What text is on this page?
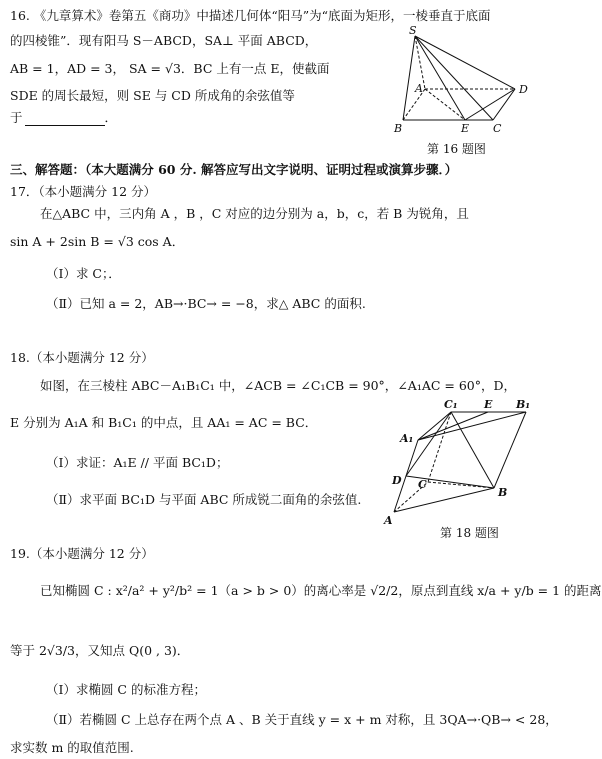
16. 《九章算术》卷第五《商功》中描述几何体“阳马”为“底面为矩形，一棱垂直于底面
的四棱锥”．现有阳马 S－ABCD，SA⊥ 平面 ABCD，
AB = 1，AD = 3， SA = √3．BC 上有一点 E，使截面
SDE 的周长最短，则 SE 与 CD 所成角的余弦值等
于	．
S
A
B	E C
D
第 16 题图
三、解答题：（本大题满分 60 分. 解答应写出文字说明、证明过程或演算步骤．）
17．（本小题满分 12 分）
在△ABC 中，三内角 A ，B ，C 对应的边分别为 a，b，c，若 B 为锐角，且
sin A + 2sin B = √3 cos A．
（Ⅰ）求 C；．
（Ⅱ）已知 a = 2，AB→·BC→ = −8，求△ ABC 的面积.
18.（本小题满分 12 分）
如图，在三棱柱 ABC－A₁B₁C₁ 中，∠ACB = ∠C₁CB = 90°，∠A₁AC = 60°，D，
E 分别为 A₁A 和 B₁C₁ 的中点，且 AA₁ = AC = BC．
（Ⅰ）求证：A₁E // 平面 BC₁D；
（Ⅱ）求平面 BC₁D 与平面 ABC 所成锐二面角的余弦值.
C₁ E B₁
A₁
D C
B
A
第 18 题图
19.（本小题满分 12 分）
已知椭圆 C : x²/a² + y²/b² = 1（a > b > 0）的离心率是 √2/2，原点到直线 x/a + y/b = 1 的距离
等于 2√3/3，又知点 Q(0 , 3)．
（Ⅰ）求椭圆 C 的标准方程；
（Ⅱ）若椭圆 C 上总存在两个点 A 、B 关于直线 y = x + m 对称，且 3QA→·QB→ < 28，
求实数 m 的取值范围.
